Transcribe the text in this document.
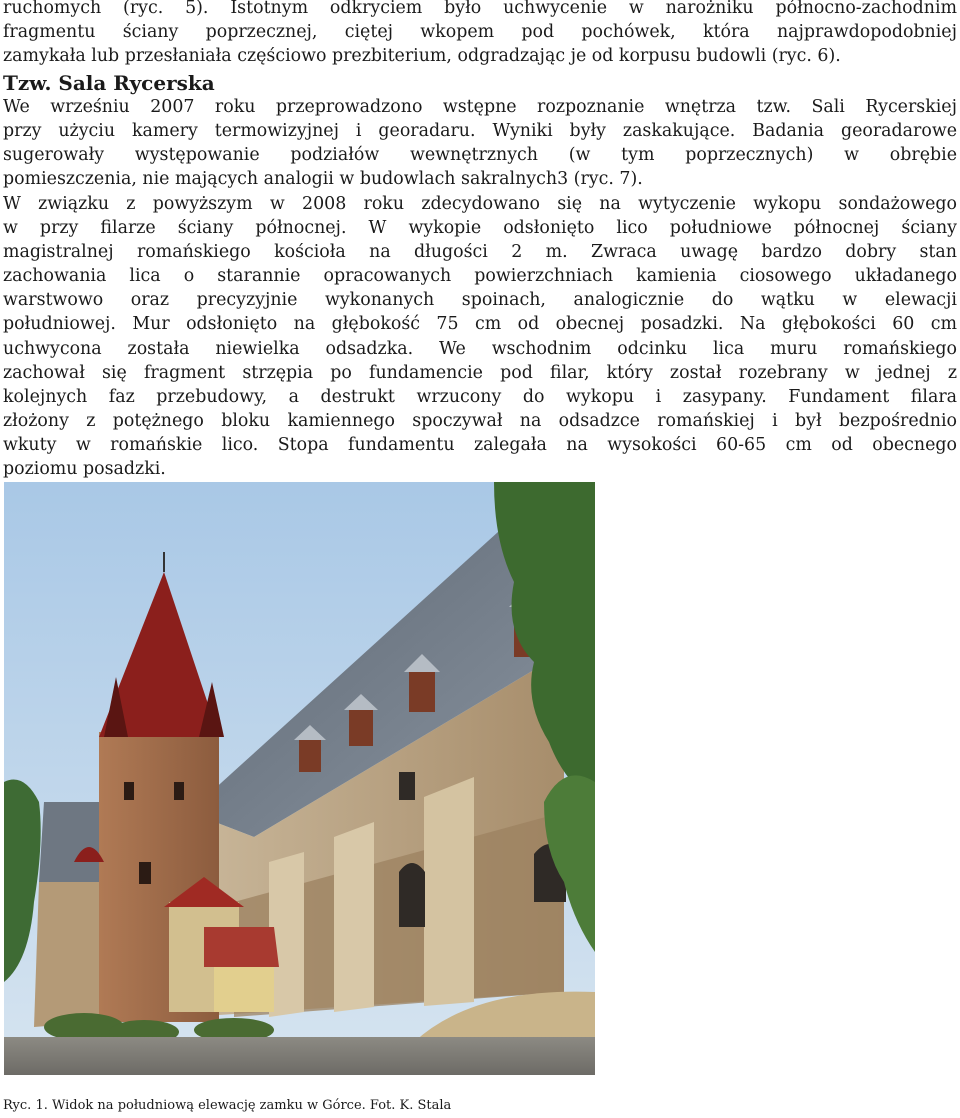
ruchomych (ryc. 5). Istotnym odkryciem było uchwycenie w narożniku północno-zachodnim
fragmentu ściany poprzecznej, ciętej wkopem pod pochówek, która najprawdopodobniej
zamykała lub przesłaniała częściowo prezbiterium, odgradzając je od korpusu budowli (ryc. 6).

Tzw. Sala Rycerska

We wrześniu 2007 roku przeprowadzono wstępne rozpoznanie wnętrza tzw. Sali Rycerskiej
przy użyciu kamery termowizyjnej i georadaru. Wyniki były zaskakujące. Badania georadarowe
sugerowały występowanie podziałów wewnętrznych (w tym poprzecznych) w obrębie
pomieszczenia, nie mających analogii w budowlach sakralnych3 (ryc. 7).

W związku z powyższym w 2008 roku zdecydowano się na wytyczenie wykopu sondażowego
w przy filarze ściany północnej. W wykopie odsłonięto lico południowe północnej ściany
magistralnej romańskiego kościoła na długości 2 m. Zwraca uwagę bardzo dobry stan
zachowania lica o starannie opracowanych powierzchniach kamienia ciosowego układanego
warstwowo oraz precyzyjnie wykonanych spoinach, analogicznie do wątku w elewacji
południowej. Mur odsłonięto na głębokość 75 cm od obecnej posadzki. Na głębokości 60 cm
uchwycona została niewielka odsadzka. We wschodnim odcinku lica muru romańskiego
zachował się fragment strzępia po fundamencie pod filar, który został rozebrany w jednej z
kolejnych faz przebudowy, a destrukt wrzucony do wykopu i zasypany. Fundament filara
złożony z potężnego bloku kamiennego spoczywał na odsadzce romańskiej i był bezpośrednio
wkuty w romańskie lico. Stopa fundamentu zalegała na wysokości 60-65 cm od obecnego
poziomu posadzki.

Ryc. 1. Widok na południową elewację zamku w Górce. Fot. K. Stala
